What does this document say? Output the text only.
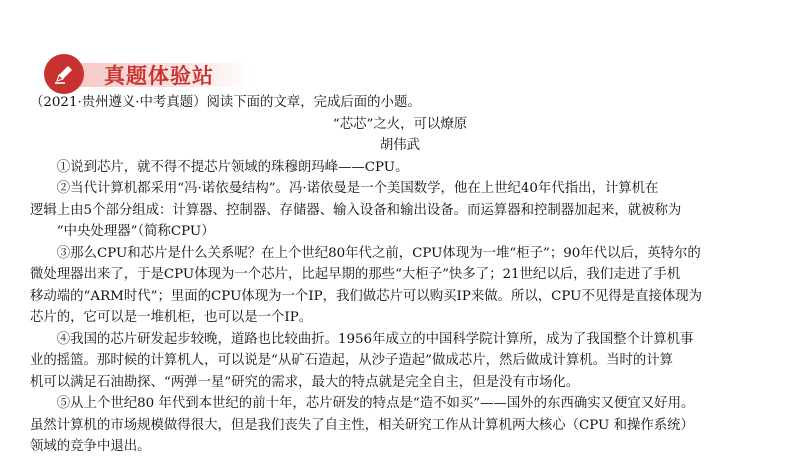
真题体验站
（2021·贵州遵义·中考真题）阅读下面的文章，完成后面的小题。
“芯芯”之火，可以燎原
胡伟武
①说到芯片，就不得不提芯片领域的珠穆朗玛峰——CPU。
②当代计算机都采用“冯·诺依曼结构”。冯·诺依曼是一个美国数学，他在上世纪40年代指出，计算机在
逻辑上由5个部分组成：计算器、控制器、存储器、输入设备和输出设备。而运算器和控制器加起来，就被称为
“中央处理器”（简称CPU）
③那么CPU和芯片是什么关系呢？在上个世纪80年代之前，CPU体现为一堆“柜子”；90年代以后，英特尔的
微处理器出来了，于是CPU体现为一个芯片，比起早期的那些“大柜子”快多了；21世纪以后，我们走进了手机
移动端的“ARM时代”；里面的CPU体现为一个IP，我们做芯片可以购买IP来做。所以，CPU不见得是直接体现为
芯片的，它可以是一堆机柜，也可以是一个IP。
④我国的芯片研发起步较晚，道路也比较曲折。1956年成立的中国科学院计算所，成为了我国整个计算机事
业的摇篮。那时候的计算机人，可以说是“从矿石造起，从沙子造起”做成芯片，然后做成计算机。当时的计算
机可以满足石油勘探、“两弹一星”研究的需求，最大的特点就是完全自主，但是没有市场化。
⑤从上个世纪80 年代到本世纪的前十年，芯片研发的特点是“造不如买”——国外的东西确实又便宜又好用。
虽然计算机的市场规模做得很大，但是我们丧失了自主性，相关研究工作从计算机两大核心（CPU 和操作系统）
领域的竞争中退出。
